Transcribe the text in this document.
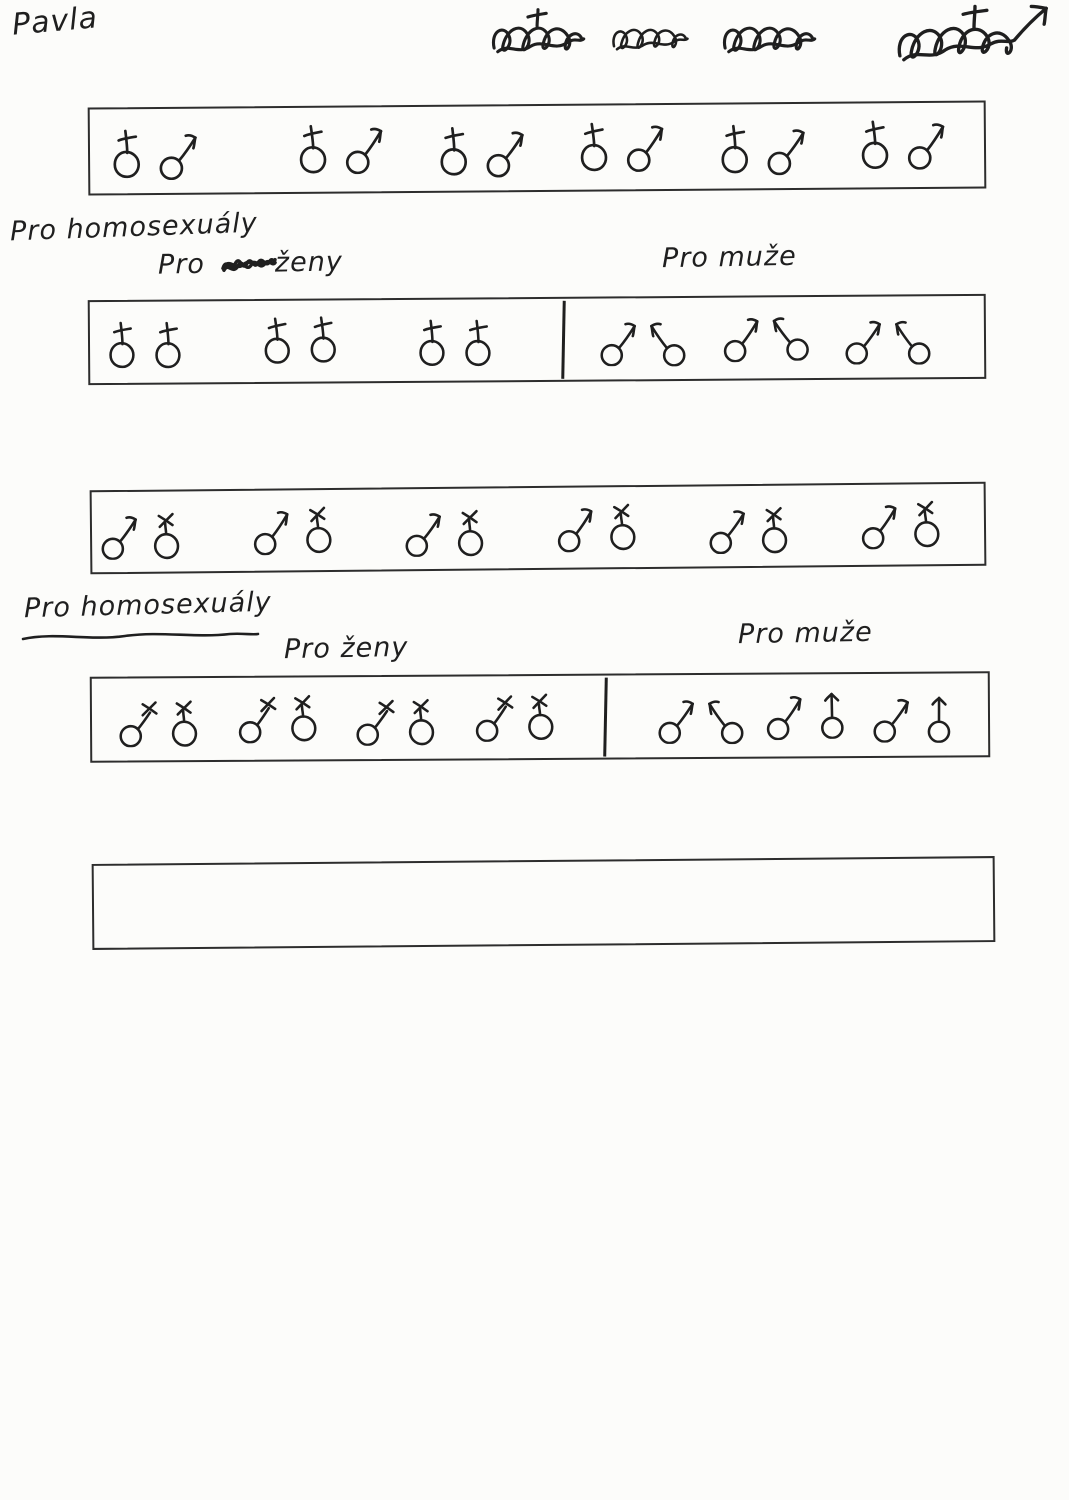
Pavla
Pro homosexuály
Pro	ženy	Pro muže
Pro homosexuály
Pro ženy	Pro muže
